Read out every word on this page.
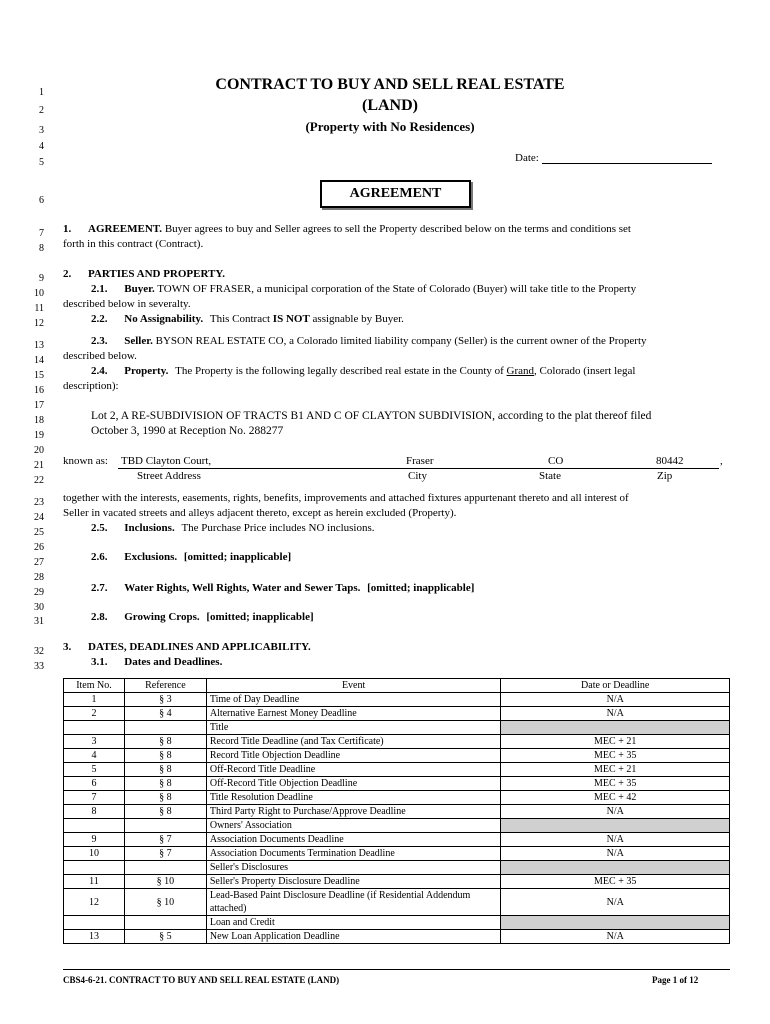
CONTRACT TO BUY AND SELL REAL ESTATE
(LAND)
(Property with No Residences)
Date:
AGREEMENT
1
2
3
4
5
6
7
8
9
10
11
12
13
14
15
16
17
18
19
20
21
22
23
24
25
26
27
28
29
30
31
32
33
1. AGREEMENT. Buyer agrees to buy and Seller agrees to sell the Property described below on the terms and conditions set
forth in this contract (Contract).
2. PARTIES AND PROPERTY.
2.1. Buyer. TOWN OF FRASER, a municipal corporation of the State of Colorado (Buyer) will take title to the Property
described below in severalty.
2.2. No Assignability. This Contract IS NOT assignable by Buyer.
2.3. Seller. BYSON REAL ESTATE CO, a Colorado limited liability company (Seller) is the current owner of the Property
described below.
2.4. Property. The Property is the following legally described real estate in the County of Grand, Colorado (insert legal
description):
Lot 2, A RE-SUBDIVISION OF TRACTS B1 AND C OF CLAYTON SUBDIVISION, according to the plat thereof filed
October 3, 1990 at Reception No. 288277
known as: TBD Clayton Court,	Fraser	CO	80442	,
Street Address	City	State	Zip
together with the interests, easements, rights, benefits, improvements and attached fixtures appurtenant thereto and all interest of
Seller in vacated streets and alleys adjacent thereto, except as herein excluded (Property).
2.5. Inclusions. The Purchase Price includes NO inclusions.
2.6. Exclusions. [omitted; inapplicable]
2.7. Water Rights, Well Rights, Water and Sewer Taps. [omitted; inapplicable]
2.8. Growing Crops. [omitted; inapplicable]
3. DATES, DEADLINES AND APPLICABILITY.
3.1. Dates and Deadlines.
Item No.	Reference	Event	Date or Deadline
1	§ 3	Time of Day Deadline	N/A
2	§ 4	Alternative Earnest Money Deadline	N/A
		Title	
3	§ 8	Record Title Deadline (and Tax Certificate)	MEC + 21
4	§ 8	Record Title Objection Deadline	MEC + 35
5	§ 8	Off-Record Title Deadline	MEC + 21
6	§ 8	Off-Record Title Objection Deadline	MEC + 35
7	§ 8	Title Resolution Deadline	MEC + 42
8	§ 8	Third Party Right to Purchase/Approve Deadline	N/A
		Owners' Association	
9	§ 7	Association Documents Deadline	N/A
10	§ 7	Association Documents Termination Deadline	N/A
		Seller's Disclosures	
11	§ 10	Seller's Property Disclosure Deadline	MEC + 35
12	§ 10	Lead-Based Paint Disclosure Deadline (if Residential Addendum attached)	N/A
		Loan and Credit	
13	§ 5	New Loan Application Deadline	N/A
CBS4-6-21. CONTRACT TO BUY AND SELL REAL ESTATE (LAND)	Page 1 of 12
